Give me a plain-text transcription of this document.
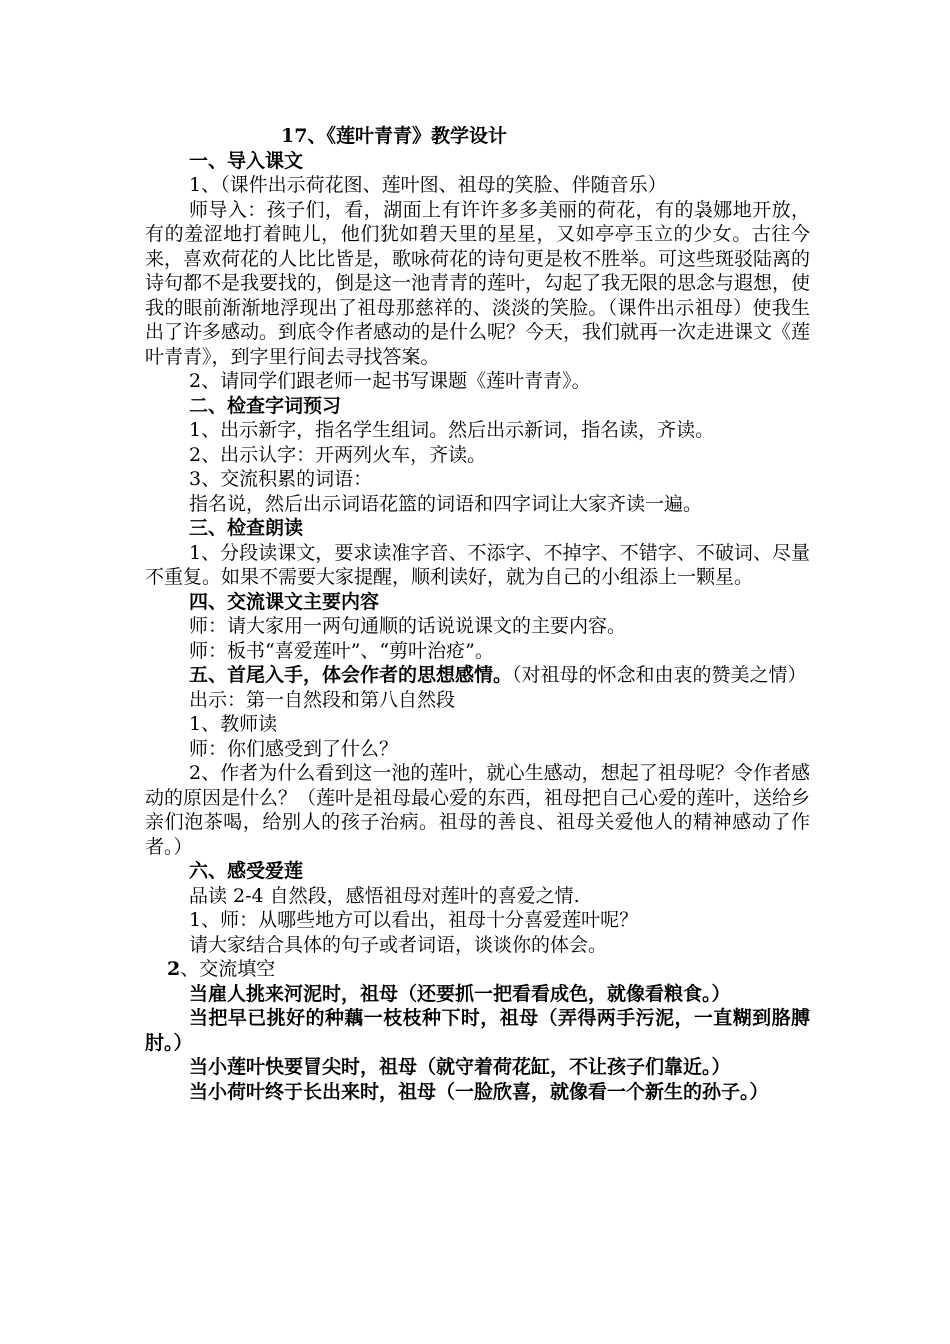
17、《莲叶青青》教学设计
一、导入课文
1、（课件出示荷花图、莲叶图、祖母的笑脸、伴随音乐）

师导入：孩子们，看，湖面上有许许多多美丽的荷花，有的袅娜地开放，有的羞涩地打着盹儿，他们犹如碧天里的星星，又如亭亭玉立的少女。古往今来，喜欢荷花的人比比皆是，歌咏荷花的诗句更是枚不胜举。可这些斑驳陆离的诗句都不是我要找的，倒是这一池青青的莲叶，勾起了我无限的思念与遐想，使我的眼前渐渐地浮现出了祖母那慈祥的、淡淡的笑脸。（课件出示祖母）使我生出了许多感动。到底令作者感动的是什么呢？今天，我们就再一次走进课文《莲叶青青》，到字里行间去寻找答案。

2、请同学们跟老师一起书写课题《莲叶青青》。
二、检查字词预习
1、出示新字，指名学生组词。然后出示新词，指名读，齐读。
2、出示认字：开两列火车，齐读。
3、交流积累的词语：
指名说，然后出示词语花篮的词语和四字词让大家齐读一遍。
三、检查朗读

1、分段读课文，要求读准字音、不添字、不掉字、不错字、不破词、尽量不重复。如果不需要大家提醒，顺利读好，就为自己的小组添上一颗星。

四、交流课文主要内容
师：请大家用一两句通顺的话说说课文的主要内容。
师：板书“喜爱莲叶”、“剪叶治疮”。

五、首尾入手，体会作者的思想感情。（对祖母的怀念和由衷的赞美之情）

出示：第一自然段和第八自然段
1、教师读
师：你们感受到了什么？

2、作者为什么看到这一池的莲叶，就心生感动，想起了祖母呢？令作者感动的原因是什么？（莲叶是祖母最心爱的东西，祖母把自己心爱的莲叶，送给乡亲们泡茶喝，给别人的孩子治病。祖母的善良、祖母关爱他人的精神感动了作者。）

六、感受爱莲
品读 2-4 自然段，感悟祖母对莲叶的喜爱之情.
1、师：从哪些地方可以看出，祖母十分喜爱莲叶呢？
请大家结合具体的句子或者词语，谈谈你的体会。
2、交流填空

当雇人挑来河泥时，祖母（还要抓一把看看成色，就像看粮食。）

当把早已挑好的种藕一枝枝种下时，祖母（弄得两手污泥，一直糊到胳膊肘。）

当小莲叶快要冒尖时，祖母（就守着荷花缸，不让孩子们靠近。）

当小荷叶终于长出来时，祖母（一脸欣喜，就像看一个新生的孙子。）
